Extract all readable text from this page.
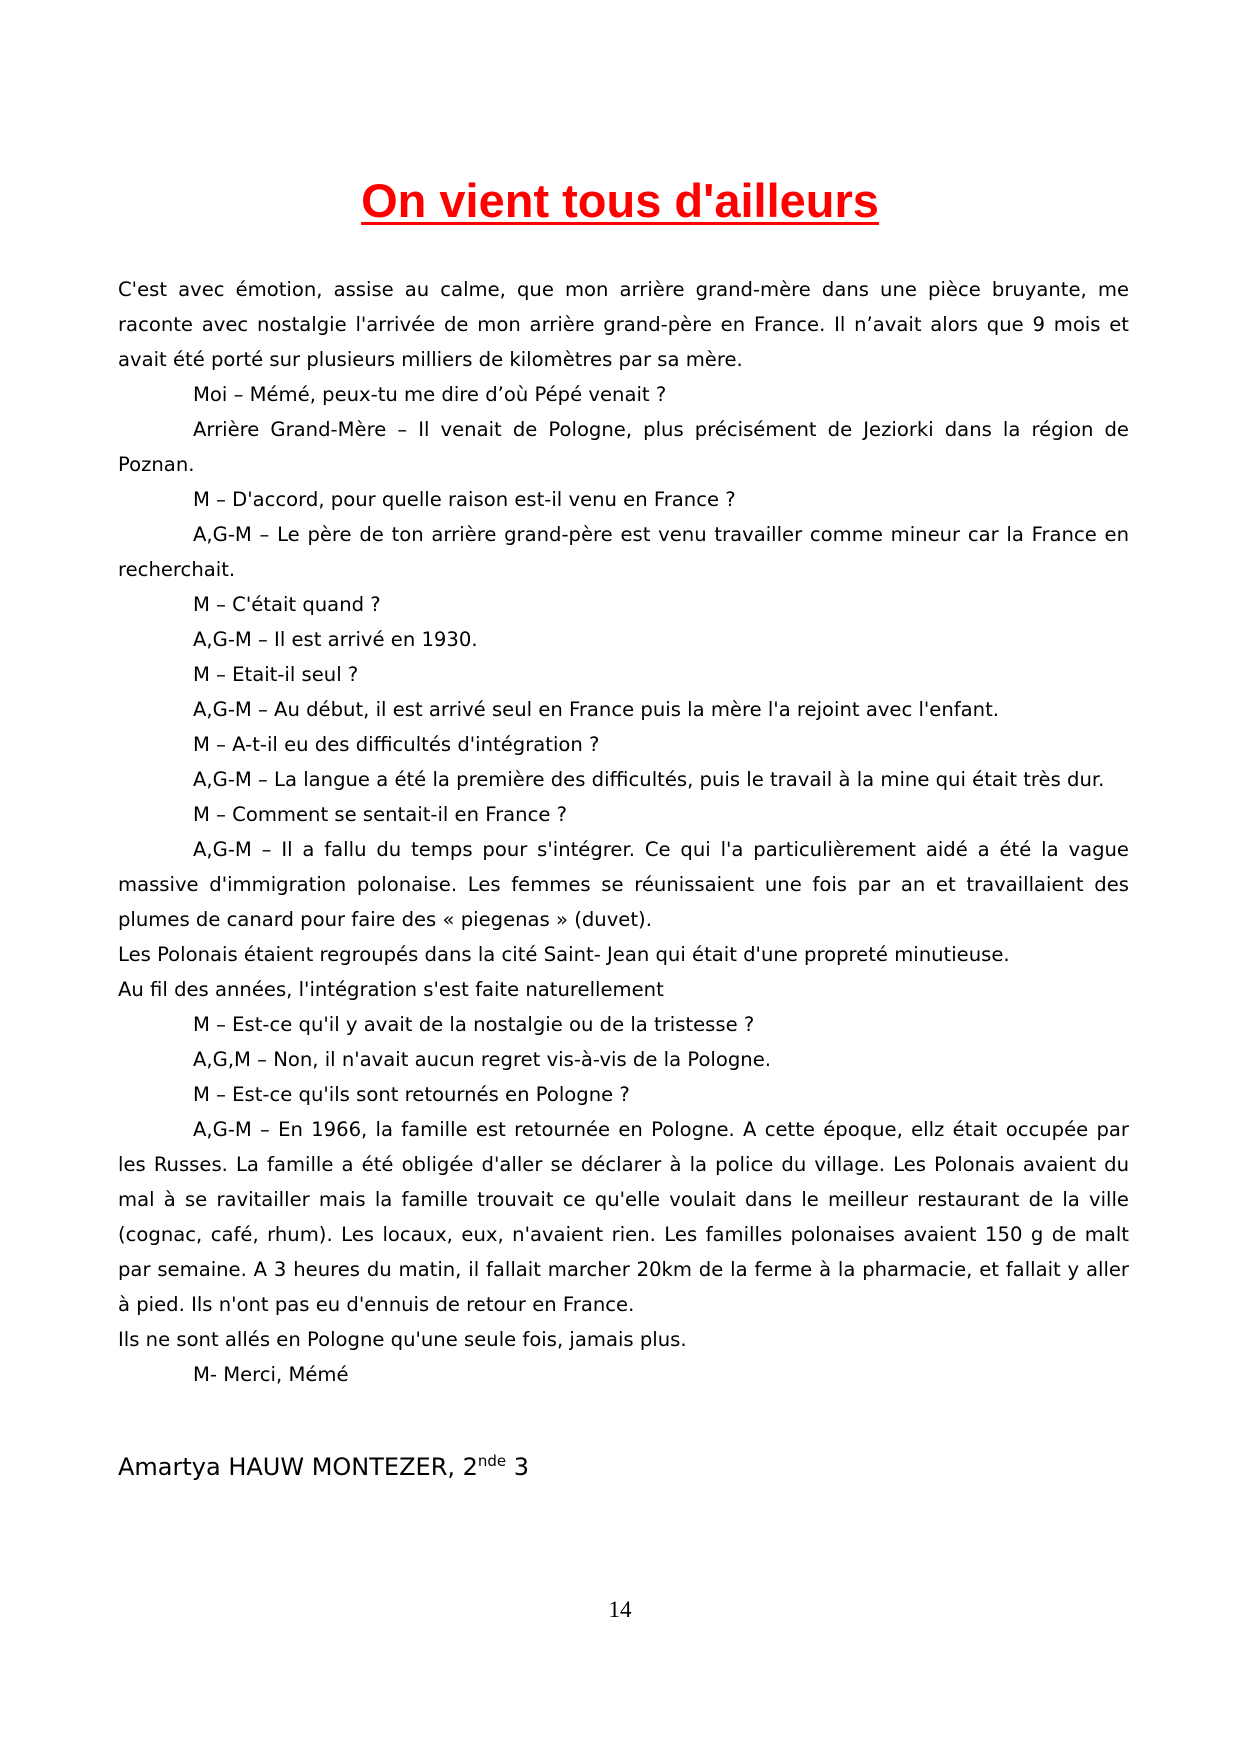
On vient tous d'ailleurs

C'est avec émotion, assise au calme, que mon arrière grand-mère dans une pièce bruyante, me raconte avec nostalgie l'arrivée de mon arrière grand-père en France. Il n’avait alors que 9 mois et avait été porté sur plusieurs milliers de kilomètres par sa mère.

Moi – Mémé, peux-tu me dire d’où Pépé venait ?

Arrière Grand-Mère – Il venait de Pologne, plus précisément de Jeziorki dans la région de Poznan.

M – D'accord, pour quelle raison est-il venu en France ?

A,G-M – Le père de ton arrière grand-père est venu travailler comme mineur car la France en recherchait.

M – C'était quand ?

A,G-M – Il est arrivé en 1930.

M – Etait-il seul ?

A,G-M – Au début, il est arrivé seul en France puis la mère l'a rejoint avec l'enfant.

M – A-t-il eu des difficultés d'intégration ?

A,G-M – La langue a été la première des difficultés, puis le travail à la mine qui était très dur.

M – Comment se sentait-il en France ?

A,G-M – Il a fallu du temps pour s'intégrer. Ce qui l'a particulièrement aidé a été la vague massive d'immigration polonaise. Les femmes se réunissaient une fois par an et travaillaient des plumes de canard pour faire des « piegenas » (duvet).

Les Polonais étaient regroupés dans la cité Saint- Jean qui était d'une propreté minutieuse.

Au fil des années, l'intégration s'est faite naturellement

M – Est-ce qu'il y avait de la nostalgie ou de la tristesse ?

A,G,M – Non, il n'avait aucun regret vis-à-vis de la Pologne.

M – Est-ce qu'ils sont retournés en Pologne ?

A,G-M – En 1966, la famille est retournée en Pologne. A cette époque, ellz était occupée par les Russes. La famille a été obligée d'aller se déclarer à la police du village. Les Polonais avaient du mal à se ravitailler mais la famille trouvait ce qu'elle voulait dans le meilleur restaurant de la ville (cognac, café, rhum). Les locaux, eux, n'avaient rien. Les familles polonaises avaient 150 g de malt par semaine. A 3 heures du matin, il fallait marcher 20km de la ferme à la pharmacie, et fallait y aller à pied. Ils n'ont pas eu d'ennuis de retour en France.

Ils ne sont allés en Pologne qu'une seule fois, jamais plus.

M- Merci, Mémé

Amartya HAUW MONTEZER, 2nde 3
14
